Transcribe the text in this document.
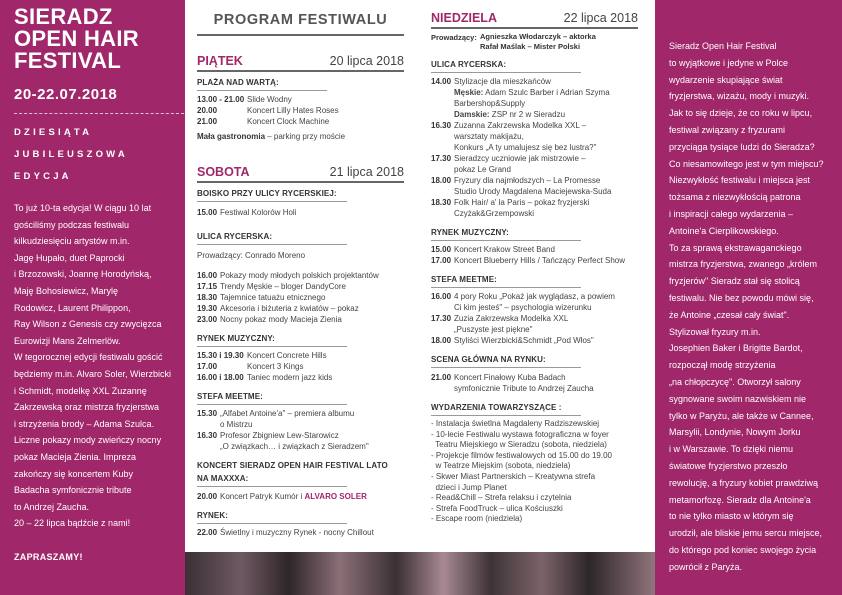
SIERADZ
OPEN HAIR
FESTIVAL
20-22.07.2018
DZIESIĄTA
JUBILEUSZOWA
EDYCJA
To już 10-ta edycja! W ciągu 10 lat
gościliśmy podczas festiwalu
kilkudziesięciu artystów m.in.
Jagę Hupało, duet Paprocki
i Brzozowski, Joannę Horodyńską,
Maję Bohosiewicz, Marylę
Rodowicz, Laurent Philippon,
Ray Wilson z Genesis czy zwycięzca
Eurowizji Mans Zelmerlöw.
W tegorocznej edycji festiwalu gościć
będziemy m.in. Alvaro Soler, Wierzbicki
i Schmidt, modelkę XXL Zuzannę
Zakrzewską oraz mistrza fryzjerstwa
i strzyżenia brody – Adama Szulca.
Liczne pokazy mody zwieńczy nocny
pokaz Macieja Zienia. Impreza
zakończy się koncertem Kuby
Badacha symfonicznie tribute
to Andrzej Zaucha.
20 – 22 lipca bądźcie z nami!
ZAPRASZAMY!
PROGRAM FESTIWALU
PIĄTEK	20 lipca 2018
PLAŻA NAD WARTĄ:
13.00 - 21.00 Slide Wodny
20.00	Koncert Lilly Hates Roses
21.00	Koncert Clock Machine
Mała gastronomia – parking przy moście
SOBOTA	21 lipca 2018
BOISKO PRZY ULICY RYCERSKIEJ:
15.00 Festiwal Kolorów Holi
ULICA RYCERSKA:
Prowadzący: Conrado Moreno
16.00 Pokazy mody młodych polskich projektantów
17.15 Trendy Męskie – bloger DandyCore
18.30 Tajemnice tatuażu etnicznego
19.30 Akcesoria i biżuteria z kwiatów – pokaz
23.00 Nocny pokaz mody Macieja Zienia
RYNEK MUZYCZNY:
15.30 i 19.30 Koncert Concrete Hills
17.00	Koncert 3 Kings
16.00 i 18.00 Taniec modern jazz kids
STEFA MEETME:
15.30 „Alfabet Antoine'a" – premiera albumu
o Mistrzu
16.30 Profesor Zbigniew Lew-Starowicz
„O związkach… i związkach z Sieradzem"
KONCERT SIERADZ OPEN HAIR FESTIVAL LATO
NA MAXXXA:
20.00 Koncert Patryk Kumór i ALVARO SOLER
RYNEK:
22.00 Świetlny i muzyczny Rynek - nocny Chillout
NIEDZIELA	22 lipca 2018
Prowadzący: Agnieszka Włodarczyk – aktorka
Rafał Maślak – Mister Polski
ULICA RYCERSKA:
14.00 Stylizacje dla mieszkańców
Męskie: Adam Szulc Barber i Adrian Szyma
Barbershop&Supply
Damskie: ZSP nr 2 w Sieradzu
16.30 Zuzanna Zakrzewska Modelka XXL –
warsztaty makijażu,
Konkurs „A ty umalujesz się bez lustra?"
17.30 Sieradzcy uczniowie jak mistrzowie –
pokaz Le Grand
18.00 Fryzury dla najmłodszych – La Promesse
Studio Urody Magdalena Maciejewska-Suda
18.30 Folk Hair/ a' la Paris – pokaz fryzjerski
Czyżak&Grzempowski
RYNEK MUZYCZNY:
15.00 Koncert Krakow Street Band
17.00 Koncert Blueberry Hills / Tańczący Perfect Show
STEFA MEETME:
16.00 4 pory Roku „Pokaż jak wyglądasz, a powiem
Ci kim jesteś" – psychologia wizerunku
17.30 Zuzia Zakrzewska Modelka XXL
„Puszyste jest piękne"
18.00 Styliści Wierzbicki&Schmidt „Pod Włos"
SCENA GŁÓWNA NA RYNKU:
21.00 Koncert Finałowy Kuba Badach
symfonicznie Tribute to Andrzej Zaucha
WYDARZENIA TOWARZYSZĄCE :
- Instalacja świetlna Magdaleny Radziszewskiej
- 10-lecie Festiwalu wystawa fotograficzna w foyer
Teatru Miejskiego w Sieradzu (sobota, niedziela)
- Projekcje filmów festiwalowych od 15.00 do 19.00
w Teatrze Miejskim (sobota, niedziela)
- Skwer Miast Partnerskich – Kreatywna strefa
dzieci i Jump Planet
- Read&Chill – Strefa relaksu i czytelnia
- Strefa FoodTruck – ulica Kościuszki
- Escape room (niedziela)
Sieradz Open Hair Festival
to wyjątkowe i jedyne w Polce
wydarzenie skupiające świat
fryzjerstwa, wizażu, mody i muzyki.
Jak to się dzieje, że co roku w lipcu,
festiwal związany z fryzurami
przyciąga tysiące ludzi do Sieradza?
Co niesamowitego jest w tym miejscu?
Niezwykłość festiwalu i miejsca jest
tożsama z niezwykłością patrona
i inspiracji całego wydarzenia –
Antoine'a Cierplikowskiego.
To za sprawą ekstrawaganckiego
mistrza fryzjerstwa, zwanego „królem
fryzjerów" Sieradz stał się stolicą
festiwalu. Nie bez powodu mówi się,
że Antoine „czesał cały świat".
Stylizował fryzury m.in.
Josephien Baker i Brigitte Bardot,
rozpoczął modę strzyżenia
„na chłopczycę". Otworzył salony
sygnowane swoim nazwiskiem nie
tylko w Paryżu, ale także w Cannee,
Marsylii, Londynie, Nowym Jorku
i w Warszawie. To dzięki niemu
światowe fryzjerstwo przeszło
rewolucję, a fryzury kobiet prawdziwą
metamorfozę. Sieradz dla Antoine'a
to nie tylko miasto w którym się
urodził, ale bliskie jemu sercu miejsce,
do którego pod koniec swojego życia
powrócił z Paryża.
